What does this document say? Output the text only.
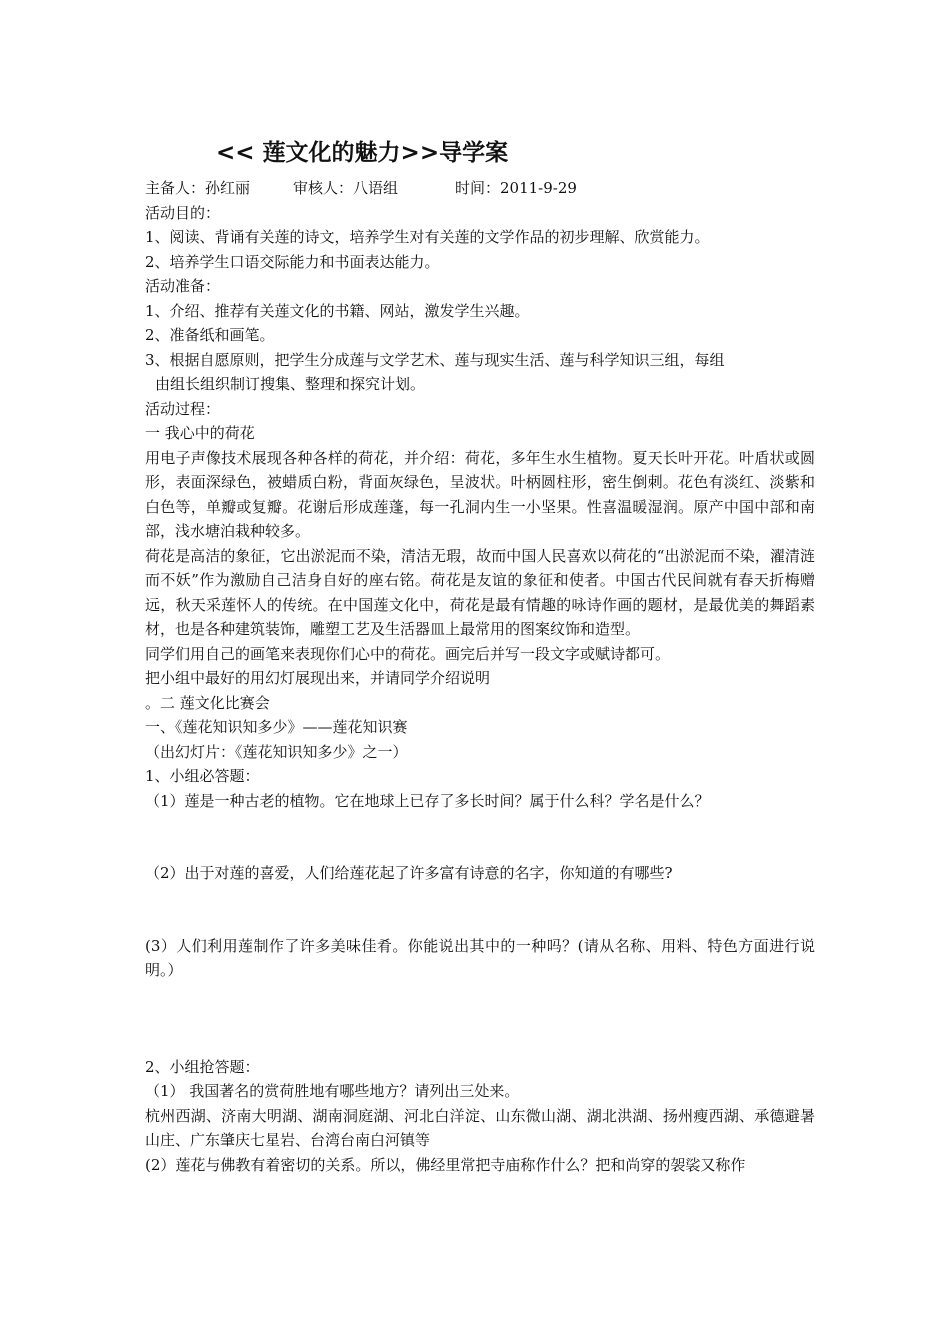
<< 莲文化的魅力>>导学案

主备人：孙红丽	审核人：八语组	时间：2011-9-29

活动目的：

1、阅读、背诵有关莲的诗文，培养学生对有关莲的文学作品的初步理解、欣赏能力。

2、培养学生口语交际能力和书面表达能力。

活动准备：

1、介绍、推荐有关莲文化的书籍、网站，激发学生兴趣。

2、准备纸和画笔。

3、根据自愿原则，把学生分成莲与文学艺术、莲与现实生活、莲与科学知识三组，每组

由组长组织制订搜集、整理和探究计划。

活动过程：

一 我心中的荷花

用电子声像技术展现各种各样的荷花，并介绍：荷花，多年生水生植物。夏天长叶开花。叶盾状或圆形，表面深绿色，被蜡质白粉，背面灰绿色，呈波状。叶柄圆柱形，密生倒刺。花色有淡红、淡紫和白色等，单瓣或复瓣。花谢后形成莲蓬，每一孔洞内生一小坚果。性喜温暖湿润。原产中国中部和南部，浅水塘泊栽种较多。

荷花是高洁的象征，它出淤泥而不染，清洁无瑕，故而中国人民喜欢以荷花的“出淤泥而不染，濯清涟而不妖”作为激励自己洁身自好的座右铭。荷花是友谊的象征和使者。中国古代民间就有春天折梅赠远，秋天采莲怀人的传统。在中国莲文化中，荷花是最有情趣的咏诗作画的题材，是最优美的舞蹈素材，也是各种建筑装饰，雕塑工艺及生活器皿上最常用的图案纹饰和造型。

同学们用自己的画笔来表现你们心中的荷花。画完后并写一段文字或赋诗都可。

把小组中最好的用幻灯展现出来，并请同学介绍说明

。二 莲文化比赛会

一、《莲花知识知多少》——莲花知识赛

（出幻灯片：《莲花知识知多少》之一）

1、小组必答题：

（1）莲是一种古老的植物。它在地球上已存了多长时间？属于什么科？学名是什么？

（2）出于对莲的喜爱，人们给莲花起了许多富有诗意的名字，你知道的有哪些?

(3）人们利用莲制作了许多美味佳肴。你能说出其中的一种吗？(请从名称、用料、特色方面进行说明。）

2、小组抢答题：

（1） 我国著名的赏荷胜地有哪些地方？请列出三处来。

杭州西湖、济南大明湖、湖南洞庭湖、河北白洋淀、山东微山湖、湖北洪湖、扬州瘦西湖、承德避暑山庄、广东肇庆七星岩、台湾台南白河镇等

(2）莲花与佛教有着密切的关系。所以，佛经里常把寺庙称作什么？把和尚穿的袈裟又称作
